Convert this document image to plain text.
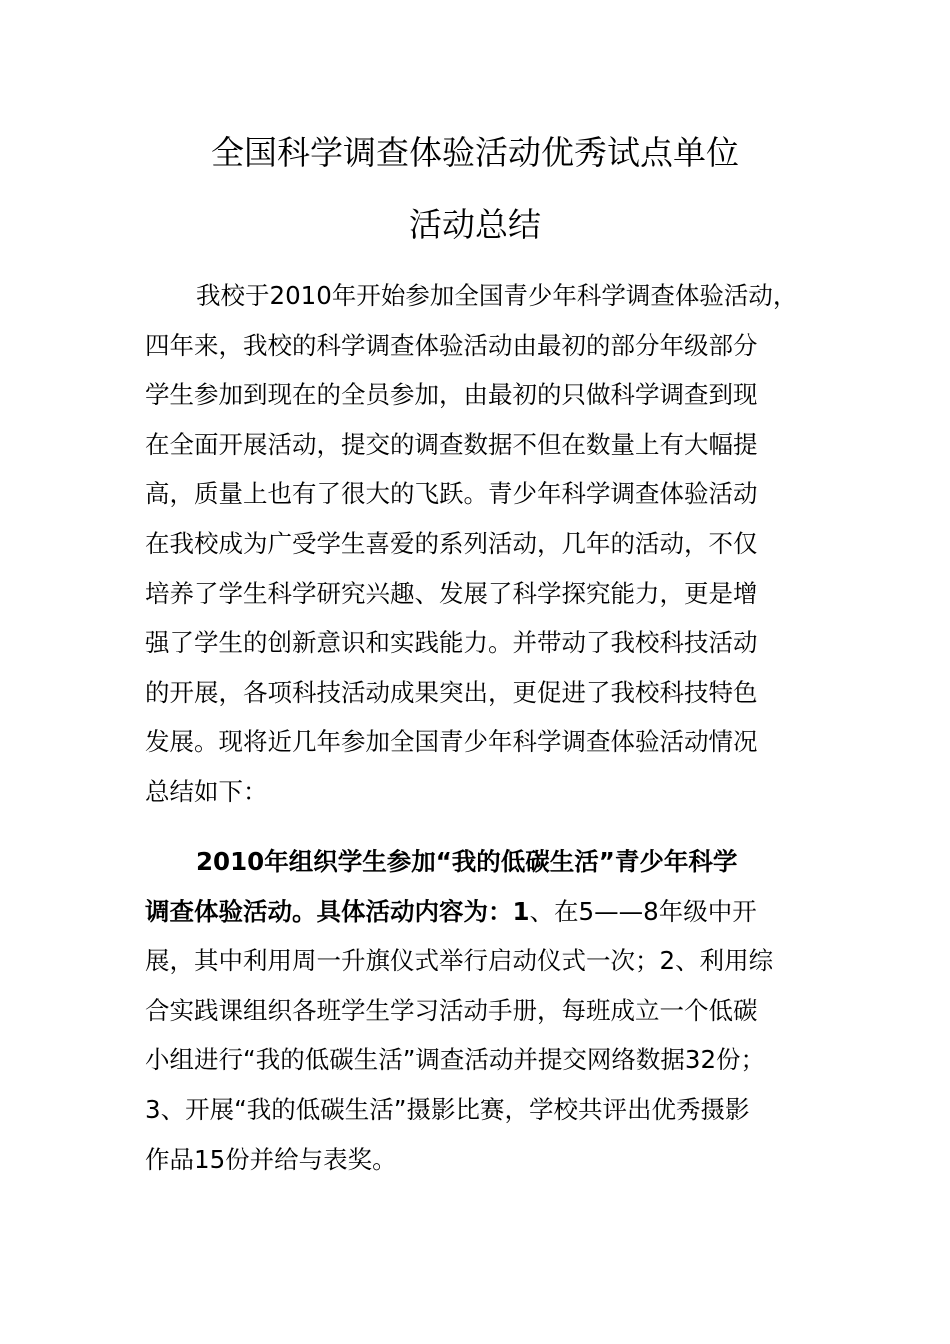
全国科学调查体验活动优秀试点单位
活动总结
我校于2010年开始参加全国青少年科学调查体验活动，
四年来，我校的科学调查体验活动由最初的部分年级部分
学生参加到现在的全员参加，由最初的只做科学调查到现
在全面开展活动，提交的调查数据不但在数量上有大幅提
高，质量上也有了很大的飞跃。青少年科学调查体验活动
在我校成为广受学生喜爱的系列活动，几年的活动，不仅
培养了学生科学研究兴趣、发展了科学探究能力，更是增
强了学生的创新意识和实践能力。并带动了我校科技活动
的开展，各项科技活动成果突出，更促进了我校科技特色
发展。现将近几年参加全国青少年科学调查体验活动情况
总结如下：
2010年组织学生参加“我的低碳生活”青少年科学
调查体验活动。具体活动内容为：1、在5——8年级中开
展，其中利用周一升旗仪式举行启动仪式一次；2、利用综
合实践课组织各班学生学习活动手册，每班成立一个低碳
小组进行“我的低碳生活”调查活动并提交网络数据32份；
3、开展“我的低碳生活”摄影比赛，学校共评出优秀摄影
作品15份并给与表奖。
